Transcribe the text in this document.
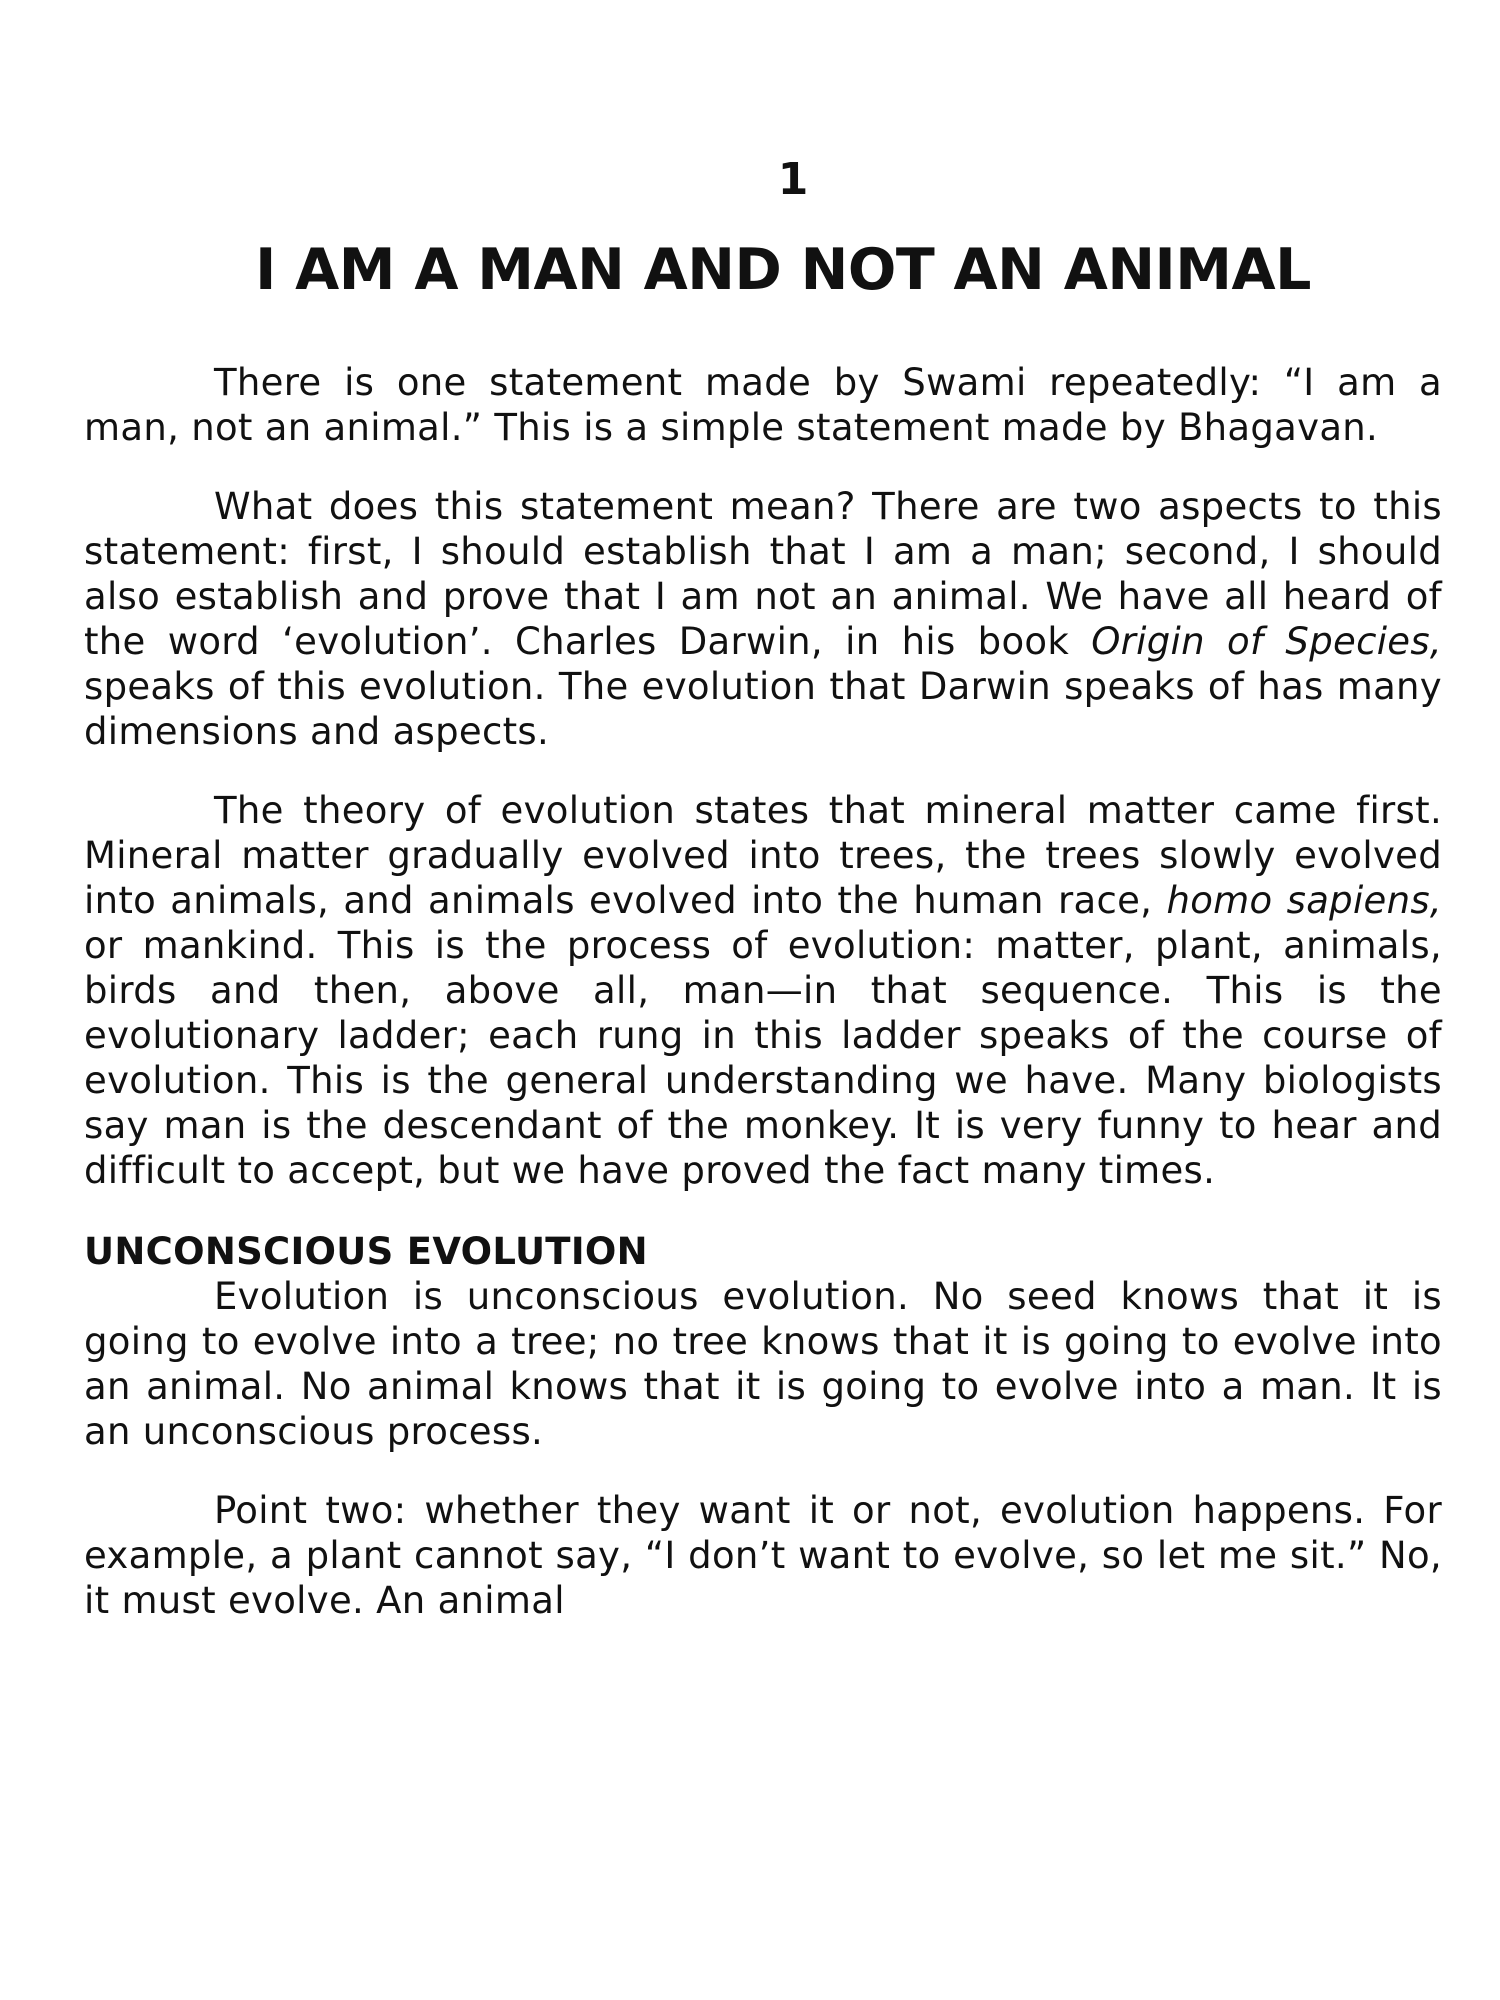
1
I AM A MAN AND NOT AN ANIMAL

There is one statement made by Swami repeatedly: “I am a man, not an animal.” This is a simple statement made by Bhagavan.

What does this statement mean? There are two aspects to this statement: first, I should establish that I am a man; second, I should also establish and prove that I am not an animal. We have all heard of the word ‘evolution’. Charles Darwin, in his book Origin of Species, speaks of this evolution. The evolution that Darwin speaks of has many dimensions and aspects.

The theory of evolution states that mineral matter came first. Mineral matter gradually evolved into trees, the trees slowly evolved into animals, and animals evolved into the human race, homo sapiens, or mankind. This is the process of evolution: matter, plant, animals, birds and then, above all, man—in that sequence. This is the evolutionary ladder; each rung in this ladder speaks of the course of evolution. This is the general understanding we have. Many biologists say man is the descendant of the monkey. It is very funny to hear and difficult to accept, but we have proved the fact many times.

UNCONSCIOUS EVOLUTION

Evolution is unconscious evolution. No seed knows that it is going to evolve into a tree; no tree knows that it is going to evolve into an animal. No animal knows that it is going to evolve into a man. It is an unconscious process.

Point two: whether they want it or not, evolution happens. For example, a plant cannot say, “I don’t want to evolve, so let me sit.” No, it must evolve. An animal
